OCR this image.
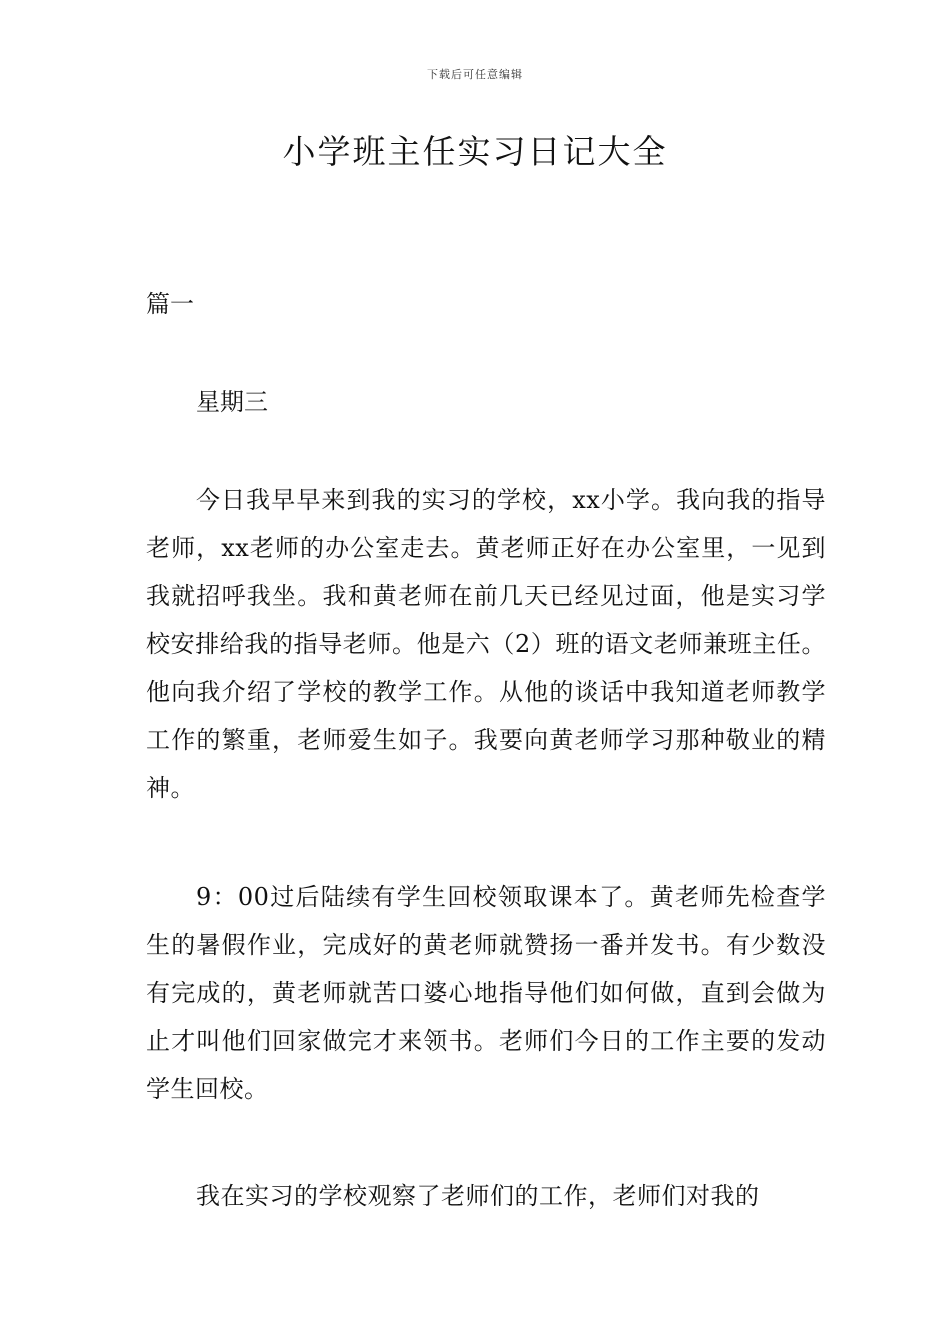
下载后可任意编辑
小学班主任实习日记大全
篇一
星期三

今日我早早来到我的实习的学校，xx小学。我向我的指导老师，xx老师的办公室走去。黄老师正好在办公室里，一见到我就招呼我坐。我和黄老师在前几天已经见过面，他是实习学校安排给我的指导老师。他是六（2）班的语文老师兼班主任。他向我介绍了学校的教学工作。从他的谈话中我知道老师教学工作的繁重，老师爱生如子。我要向黄老师学习那种敬业的精神。

9：00过后陆续有学生回校领取课本了。黄老师先检查学生的暑假作业，完成好的黄老师就赞扬一番并发书。有少数没有完成的，黄老师就苦口婆心地指导他们如何做，直到会做为止才叫他们回家做完才来领书。老师们今日的工作主要的发动学生回校。

我在实习的学校观察了老师们的工作，老师们对我的
